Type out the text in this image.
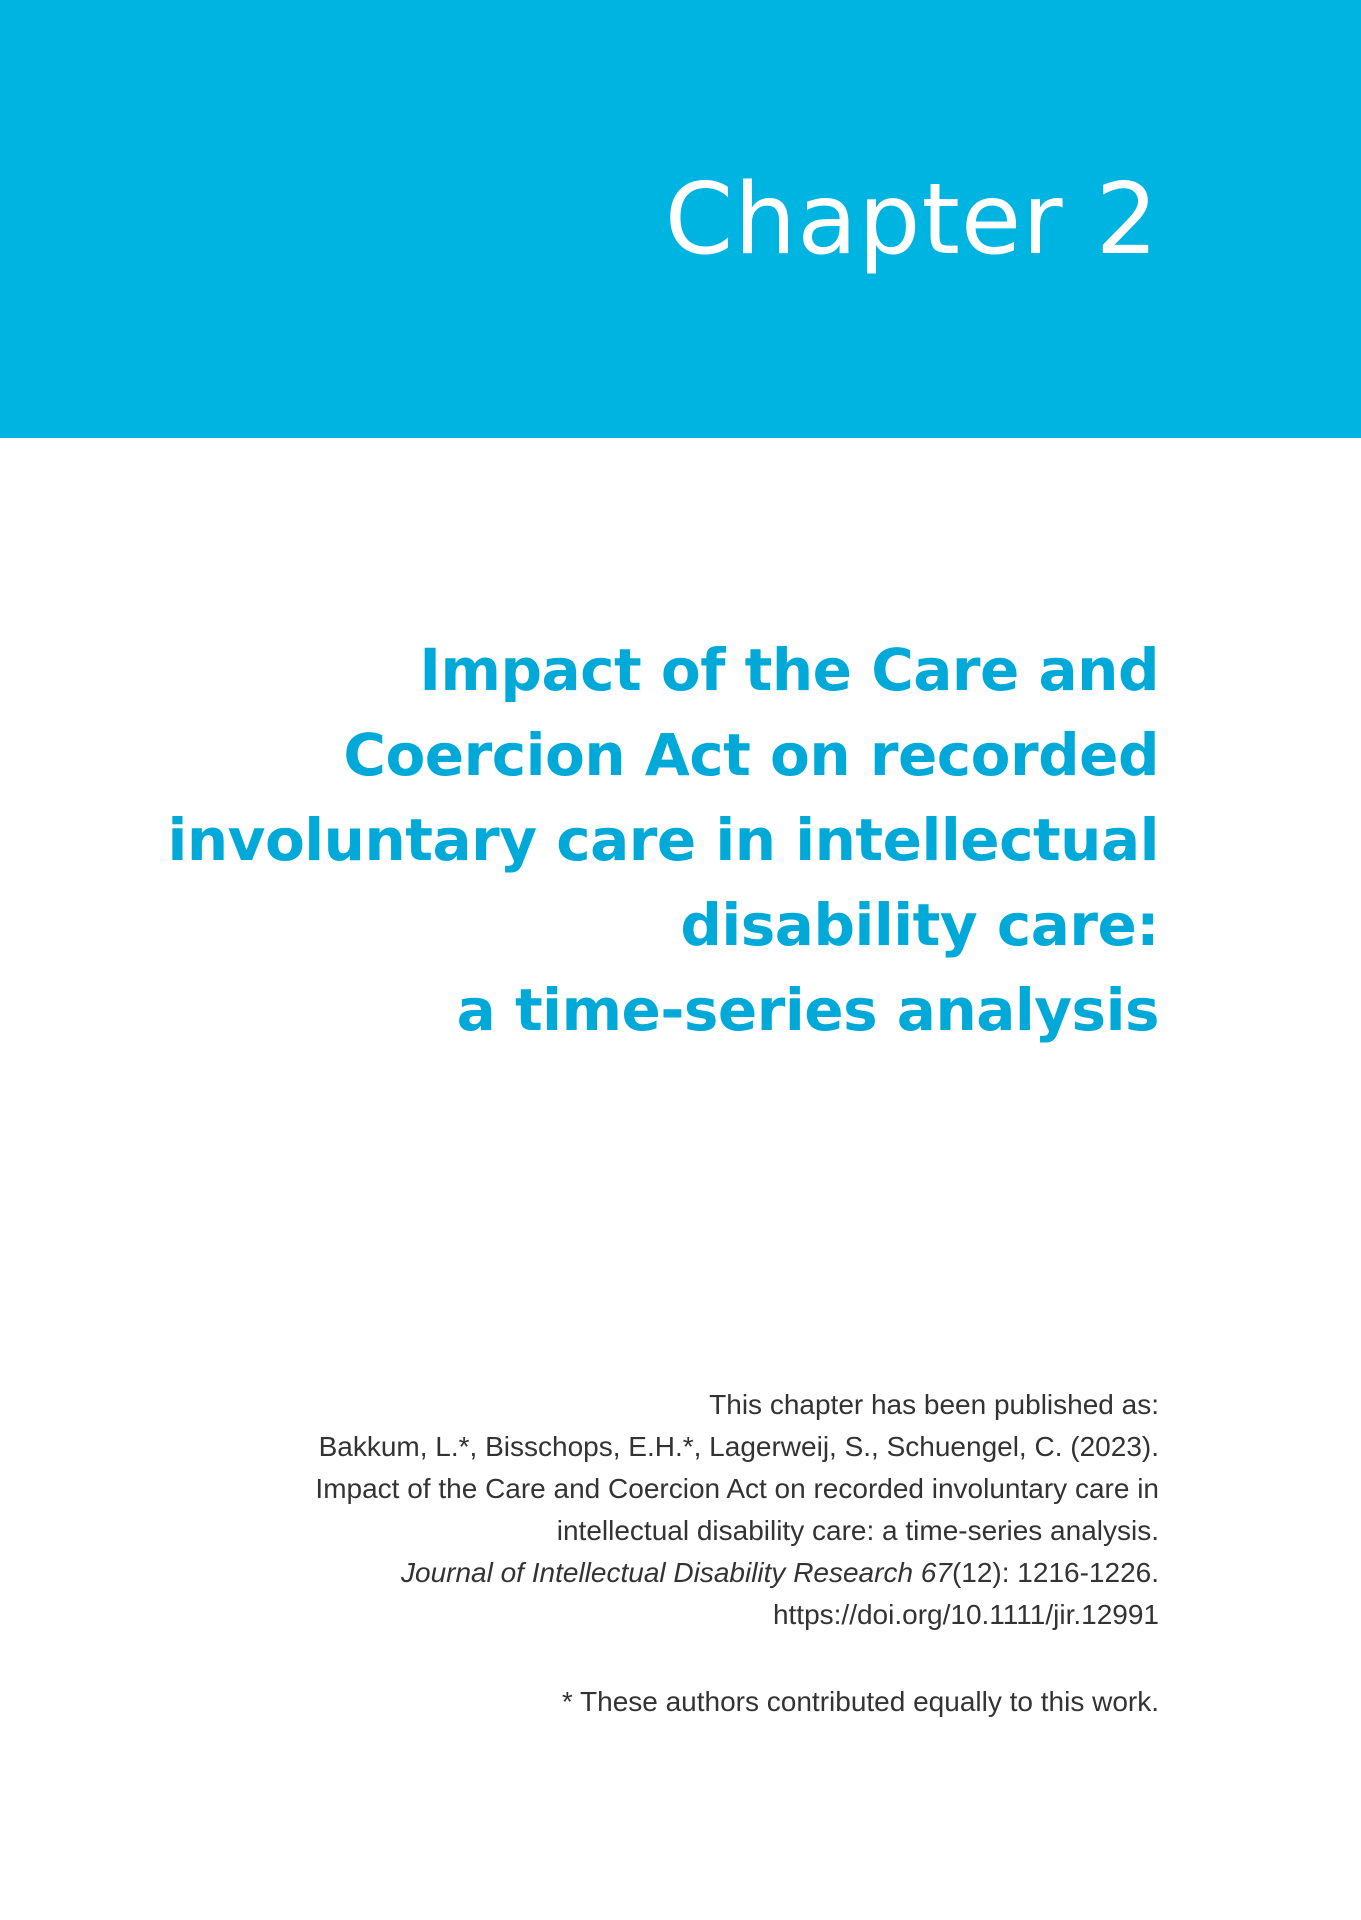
Chapter 2
Impact of the Care and
Coercion Act on recorded
involuntary care in intellectual
disability care:
a time-series analysis
This chapter has been published as:
Bakkum, L.*, Bisschops, E.H.*, Lagerweij, S., Schuengel, C. (2023).
Impact of the Care and Coercion Act on recorded involuntary care in
intellectual disability care: a time-series analysis.
Journal of Intellectual Disability Research 67(12): 1216-1226.
https://doi.org/10.1111/jir.12991

* These authors contributed equally to this work.
